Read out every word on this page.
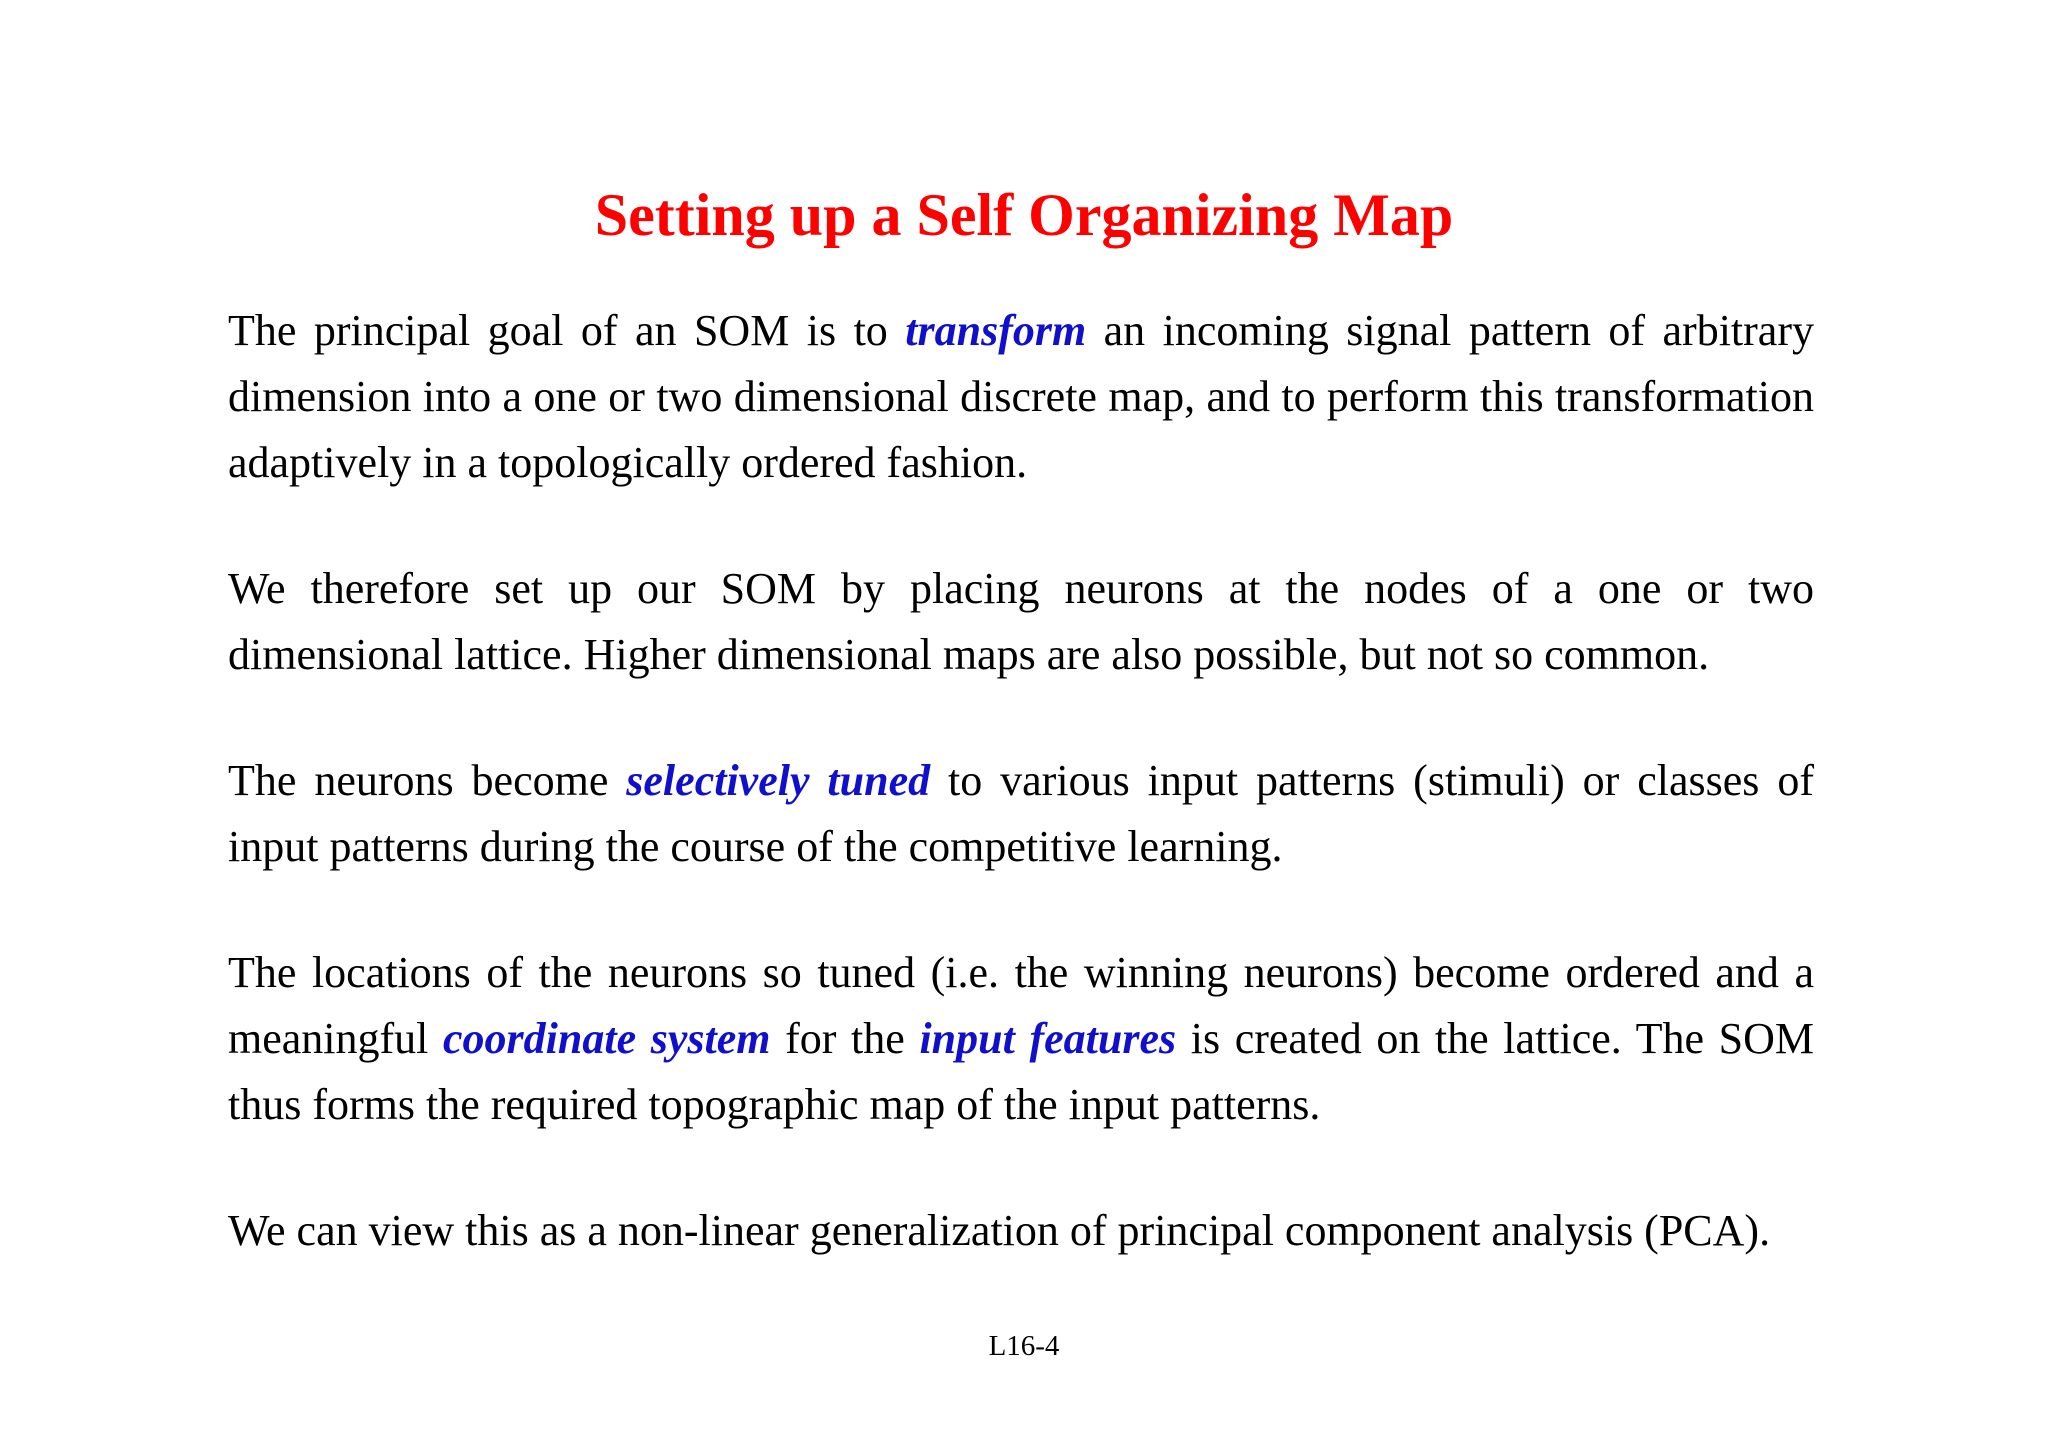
Setting up a Self Organizing Map

The principal goal of an SOM is to transform an incoming signal pattern of arbitrary dimension into a one or two dimensional discrete map, and to perform this transformation adaptively in a topologically ordered fashion.

We therefore set up our SOM by placing neurons at the nodes of a one or two dimensional lattice. Higher dimensional maps are also possible, but not so common.

The neurons become selectively tuned to various input patterns (stimuli) or classes of input patterns during the course of the competitive learning.

The locations of the neurons so tuned (i.e. the winning neurons) become ordered and a meaningful coordinate system for the input features is created on the lattice. The SOM thus forms the required topographic map of the input patterns.

We can view this as a non-linear generalization of principal component analysis (PCA).

L16-4
